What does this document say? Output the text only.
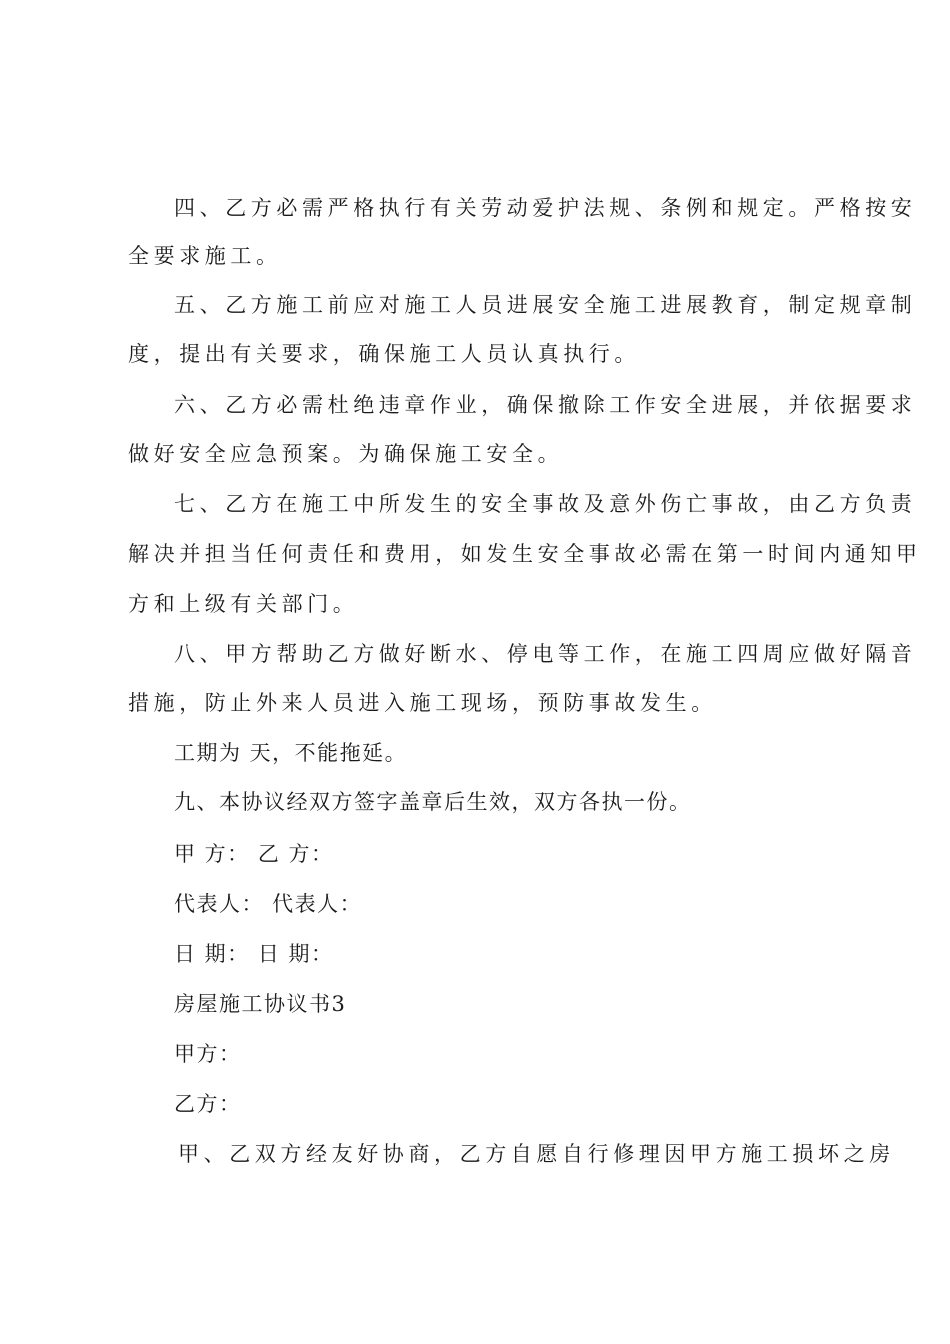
四、乙方必需严格执行有关劳动爱护法规、条例和规定。严格按安
全要求施工。
五、乙方施工前应对施工人员进展安全施工进展教育，制定规章制
度，提出有关要求，确保施工人员认真执行。
六、乙方必需杜绝违章作业，确保撤除工作安全进展，并依据要求
做好安全应急预案。为确保施工安全。
七、乙方在施工中所发生的安全事故及意外伤亡事故，由乙方负责
解决并担当任何责任和费用，如发生安全事故必需在第一时间内通知甲
方和上级有关部门。
八、甲方帮助乙方做好断水、停电等工作，在施工四周应做好隔音
措施，防止外来人员进入施工现场，预防事故发生。
工期为 天，不能拖延。
九、本协议经双方签字盖章后生效，双方各执一份。
甲 方： 乙 方：
代表人： 代表人：
日 期： 日 期：
房屋施工协议书3
甲方：
乙方：
甲、乙双方经友好协商，乙方自愿自行修理因甲方施工损坏之房
